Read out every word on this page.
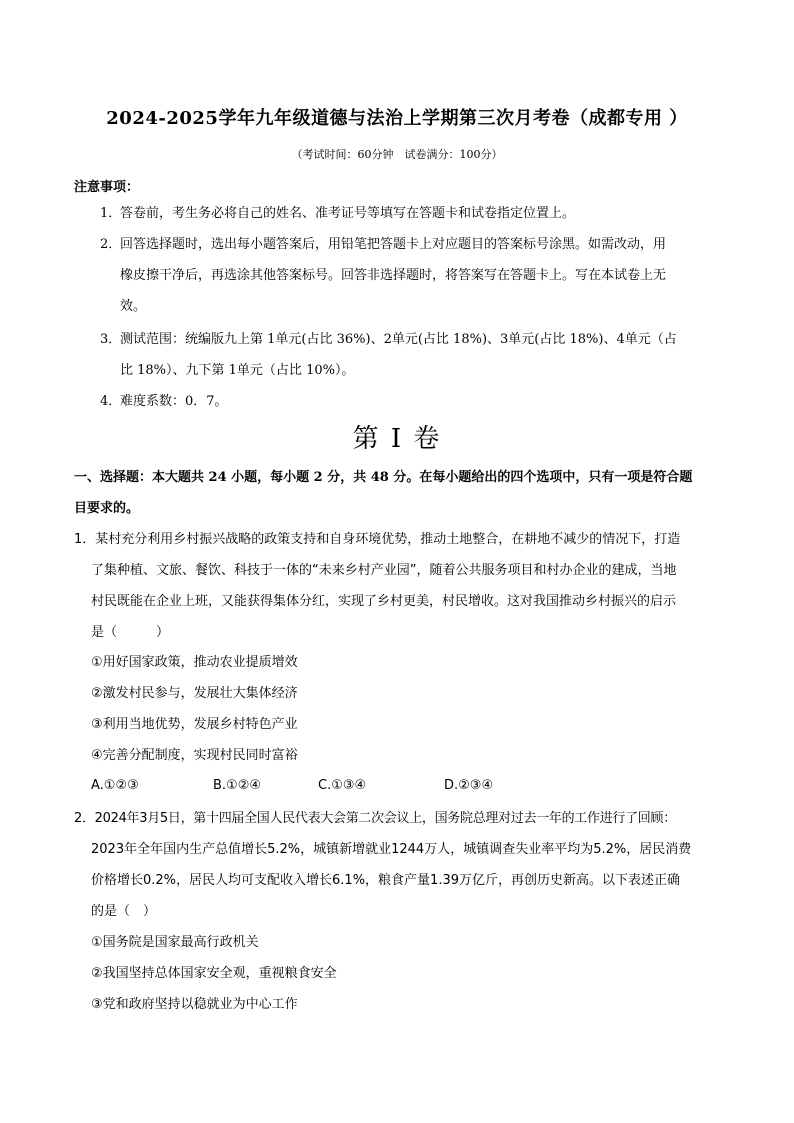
2024-2025学年九年级道德与法治上学期第三次月考卷（成都专用 ）
（考试时间：60分钟　试卷满分：100分）
注意事项：
1．答卷前，考生务必将自己的姓名、准考证号等填写在答题卡和试卷指定位置上。
2．回答选择题时，选出每小题答案后，用铅笔把答题卡上对应题目的答案标号涂黑。如需改动，用
橡皮擦干净后，再选涂其他答案标号。回答非选择题时，将答案写在答题卡上。写在本试卷上无
效。
3．测试范围：统编版九上第 1单元(占比 36%)、2单元(占比 18%)、3单元(占比 18%)、4单元（占
比 18%）、九下第 1单元（占比 10%）。
4．难度系数：0．7。
第 I 卷
一、选择题：本大题共 24 小题，每小题 2 分，共 48 分。在每小题给出的四个选项中，只有一项是符合题
目要求的。
1．某村充分利用乡村振兴战略的政策支持和自身环境优势，推动土地整合，在耕地不减少的情况下，打造
了集种植、文旅、餐饮、科技于一体的“未来乡村产业园”，随着公共服务项目和村办企业的建成，当地
村民既能在企业上班，又能获得集体分红，实现了乡村更美，村民增收。这对我国推动乡村振兴的启示
是（　　　）
①用好国家政策，推动农业提质增效
②激发村民参与，发展壮大集体经济
③利用当地优势，发展乡村特色产业
④完善分配制度，实现村民同时富裕
A.①②③	B.①②④	C.①③④	D.②③④
2．2024年3月5日，第十四届全国人民代表大会第二次会议上，国务院总理对过去一年的工作进行了回顾：
2023年全年国内生产总值增长5.2%，城镇新增就业1244万人，城镇调查失业率平均为5.2%，居民消费
价格增长0.2%，居民人均可支配收入增长6.1%，粮食产量1.39万亿斤，再创历史新高。以下表述正确
的是（　）
①国务院是国家最高行政机关
②我国坚持总体国家安全观，重视粮食安全
③党和政府坚持以稳就业为中心工作
